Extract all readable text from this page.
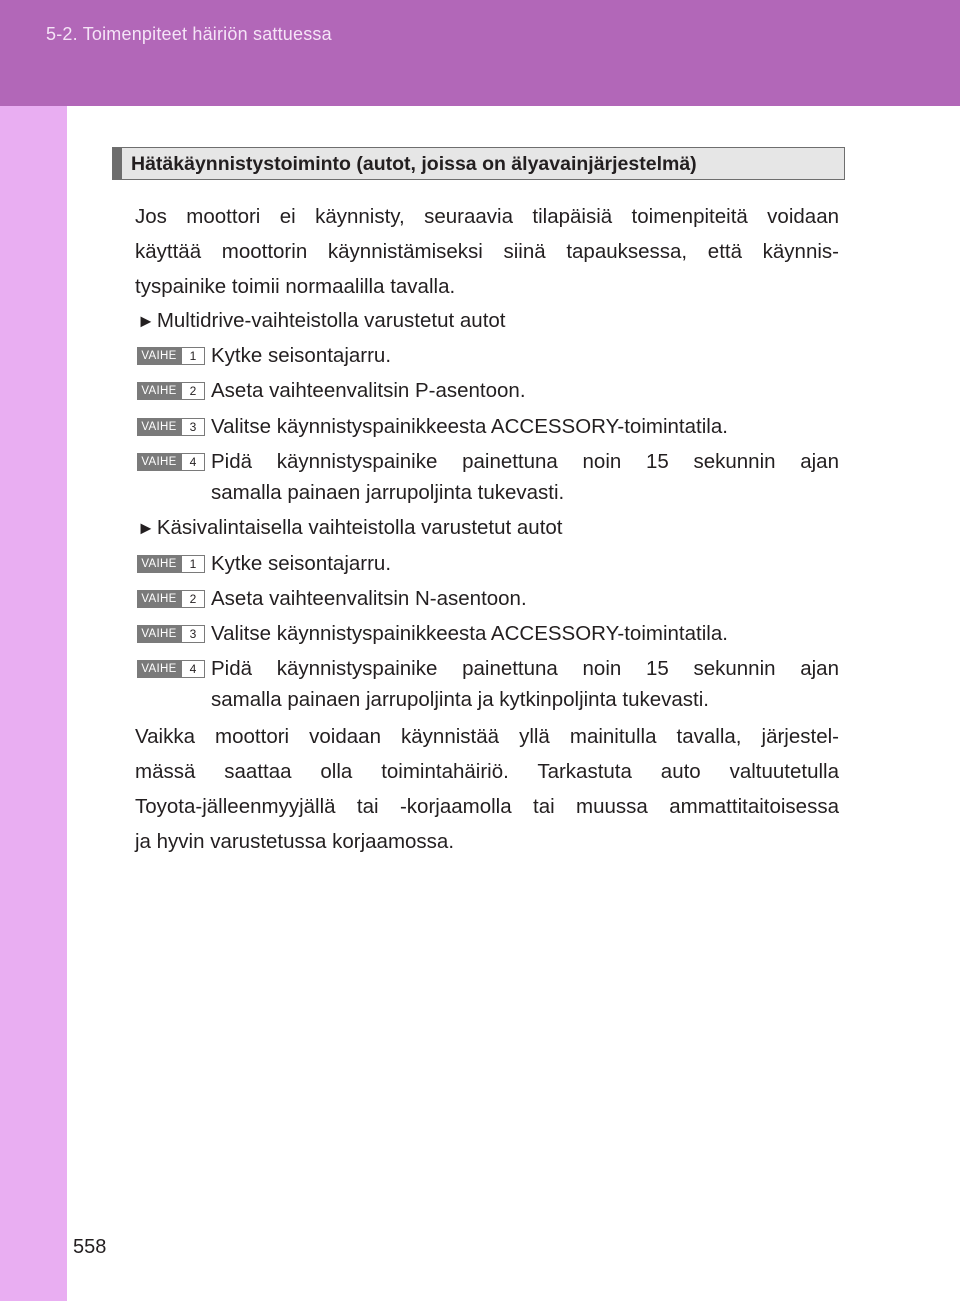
5-2. Toimenpiteet häiriön sattuessa
558
Hätäkäynnistystoiminto (autot, joissa on älyavainjärjestelmä)
Jos moottori ei käynnisty, seuraavia tilapäisiä toimenpiteitä voidaan
käyttää moottorin käynnistämiseksi siinä tapauksessa, että käynnis-
tyspainike toimii normaalilla tavalla.
►Multidrive-vaihteistolla varustetut autot
VAIHE	1 Kytke seisontajarru.
VAIHE	2 Aseta vaihteenvalitsin P-asentoon.
VAIHE	3 Valitse käynnistyspainikkeesta ACCESSORY-toimintatila.
VAIHE	4 Pidä käynnistyspainike painettuna noin 15 sekunnin ajan
samalla painaen jarrupoljinta tukevasti.
►Käsivalintaisella vaihteistolla varustetut autot
VAIHE	1 Kytke seisontajarru.
VAIHE	2 Aseta vaihteenvalitsin N-asentoon.
VAIHE	3 Valitse käynnistyspainikkeesta ACCESSORY-toimintatila.
VAIHE	4 Pidä käynnistyspainike painettuna noin 15 sekunnin ajan
samalla painaen jarrupoljinta ja kytkinpoljinta tukevasti.
Vaikka moottori voidaan käynnistää yllä mainitulla tavalla, järjestel-
mässä saattaa olla toimintahäiriö. Tarkastuta auto valtuutetulla
Toyota-jälleenmyyjällä tai -korjaamolla tai muussa ammattitaitoisessa
ja hyvin varustetussa korjaamossa.
